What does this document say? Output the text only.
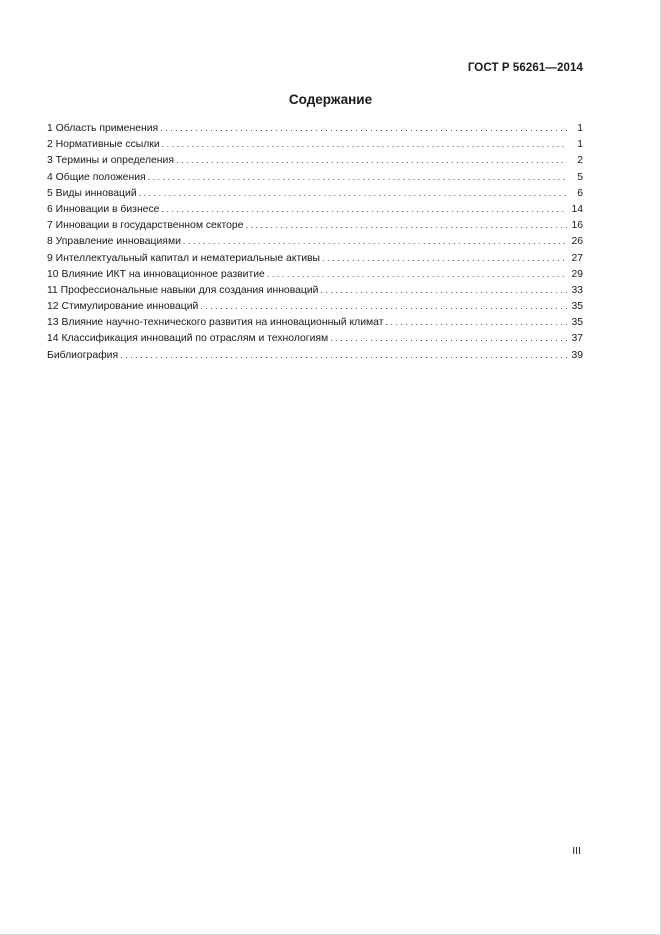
ГОСТ Р 56261—2014
Содержание
1 Область применения . . .	1
2 Нормативные ссылки . . .	1
3 Термины и определения . . .	2
4 Общие положения . . .	5
5 Виды инноваций . . .	6
6 Инновации в бизнесе . . .	14
7 Инновации в государственном секторе . . .	16
8 Управление инновациями . . .	26
9 Интеллектуальный капитал и нематериальные активы . . .	27
10 Влияние ИКТ на инновационное развитие . . .	29
11 Профессиональные навыки для создания инноваций . . .	33
12 Стимулирование инноваций . . .	35
13 Влияние научно-технического развития на инновационный климат . . .	35
14 Классификация инноваций по отраслям и технологиям . . .	37
Библиография . . .	39
III
